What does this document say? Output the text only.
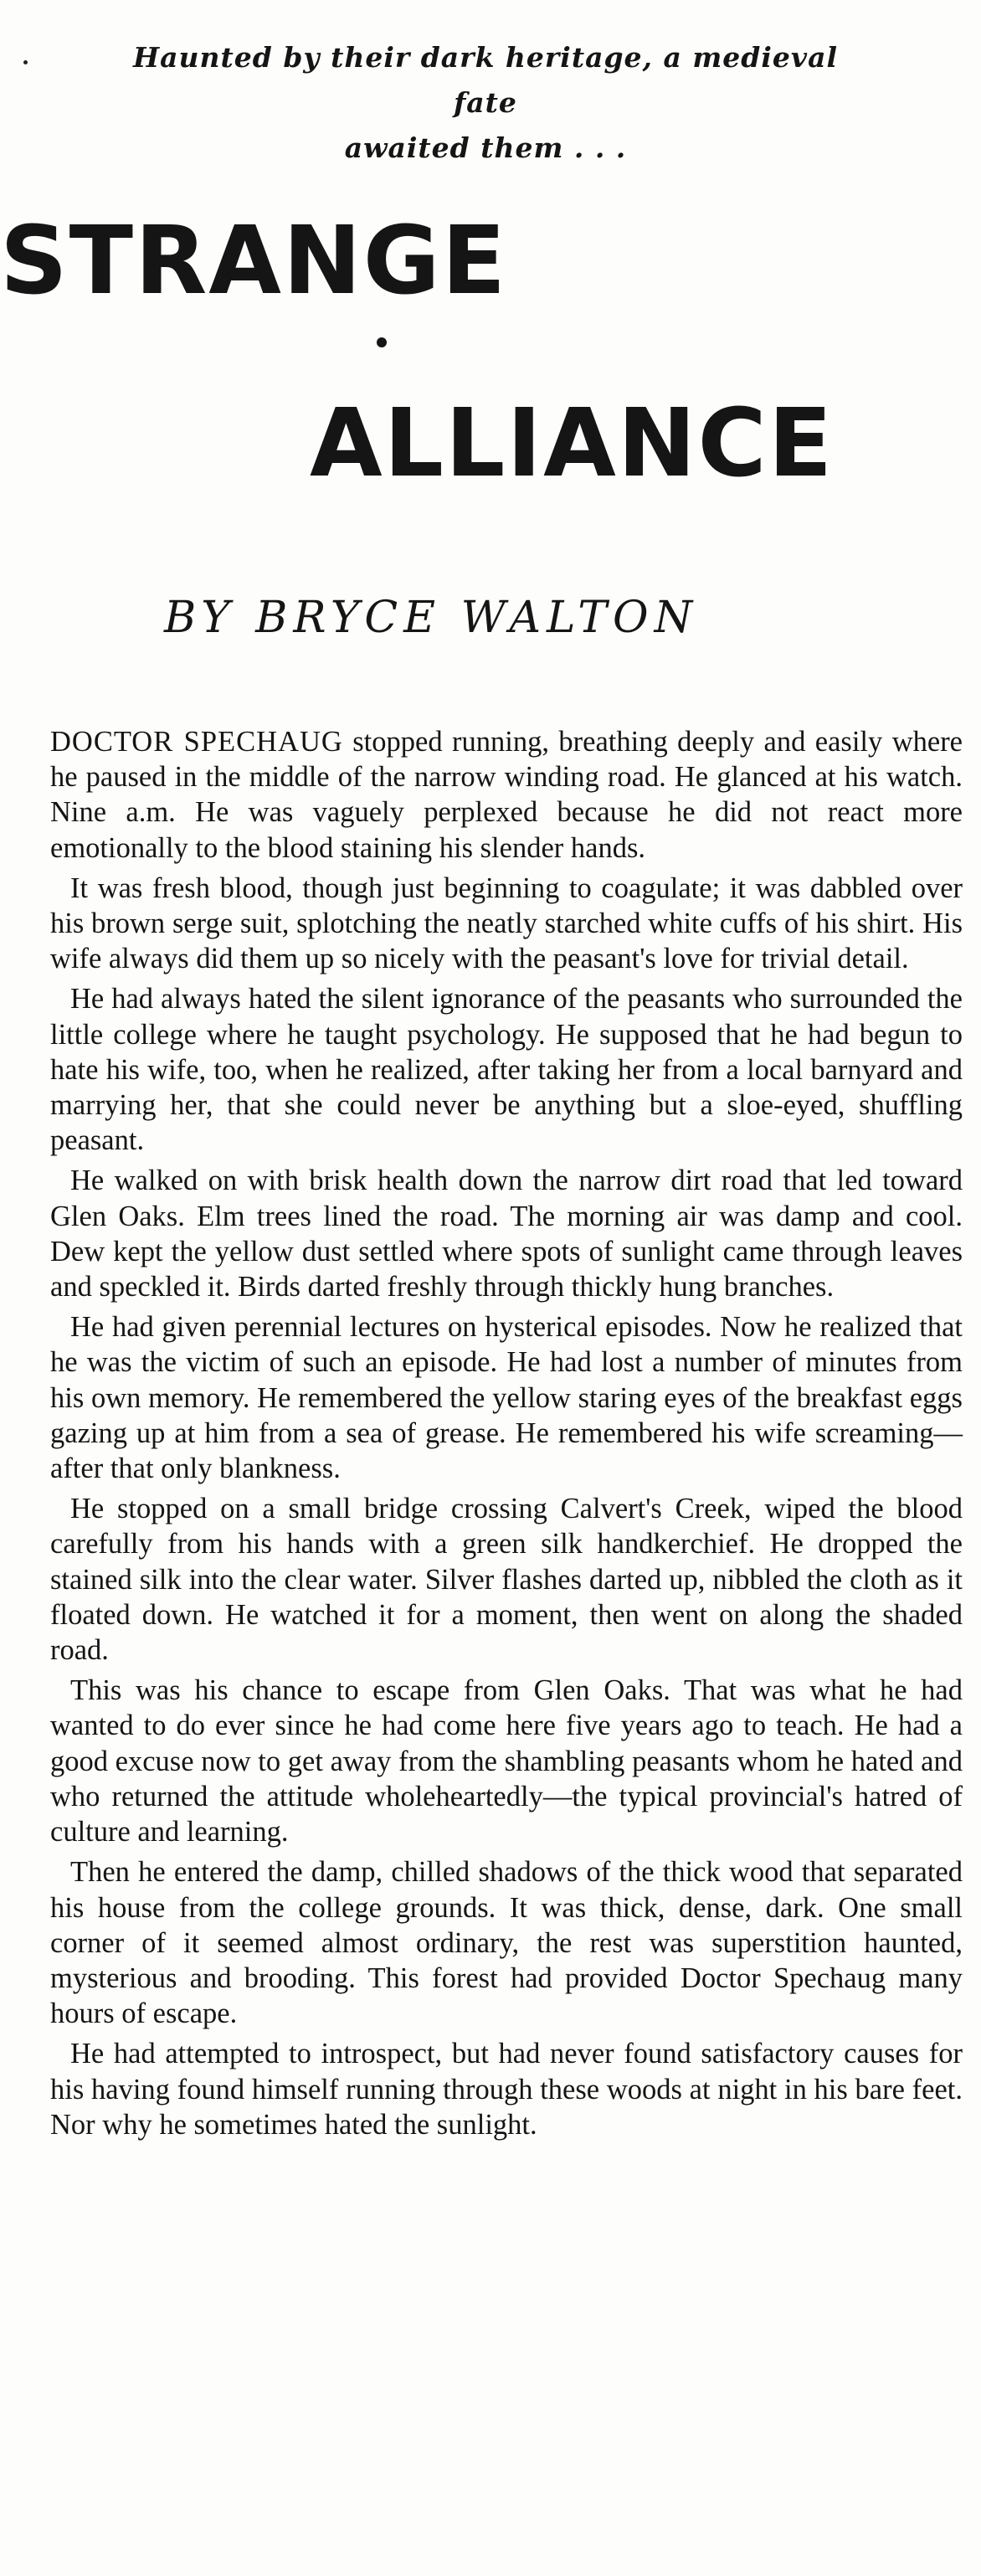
Haunted by their dark heritage, a medieval fate
awaited them . . .
STRANGE
ALLIANCE
BY BRYCE WALTON

DOCTOR SPECHAUG stopped running, breathing deeply and easily where he paused in the middle of the narrow winding road. He glanced at his watch. Nine a.m. He was vaguely perplexed because he did not react more emotionally to the blood staining his slender hands.

It was fresh blood, though just beginning to coagulate; it was dabbled over his brown serge suit, splotching the neatly starched white cuffs of his shirt. His wife always did them up so nicely with the peasant's love for trivial detail.

He had always hated the silent ignorance of the peasants who surrounded the little college where he taught psychology. He supposed that he had begun to hate his wife, too, when he realized, after taking her from a local barnyard and marrying her, that she could never be anything but a sloe-eyed, shuffling peasant.

He walked on with brisk health down the narrow dirt road that led toward Glen Oaks. Elm trees lined the road. The morning air was damp and cool. Dew kept the yellow dust settled where spots of sunlight came through leaves and speckled it. Birds darted freshly through thickly hung branches.

He had given perennial lectures on hysterical episodes. Now he realized that he was the victim of such an episode. He had lost a number of minutes from his own memory. He remembered the yellow staring eyes of the breakfast eggs gazing up at him from a sea of grease. He remembered his wife screaming—after that only blankness.

He stopped on a small bridge crossing Calvert's Creek, wiped the blood carefully from his hands with a green silk handkerchief. He dropped the stained silk into the clear water. Silver flashes darted up, nibbled the cloth as it floated down. He watched it for a moment, then went on along the shaded road.

This was his chance to escape from Glen Oaks. That was what he had wanted to do ever since he had come here five years ago to teach. He had a good excuse now to get away from the shambling peasants whom he hated and who returned the attitude wholeheartedly—the typical provincial's hatred of culture and learning.

Then he entered the damp, chilled shadows of the thick wood that separated his house from the college grounds. It was thick, dense, dark. One small corner of it seemed almost ordinary, the rest was superstition haunted, mysterious and brooding. This forest had provided Doctor Spechaug many hours of escape.

He had attempted to introspect, but had never found satisfactory causes for his having found himself running through these woods at night in his bare feet. Nor why he sometimes hated the sunlight.
